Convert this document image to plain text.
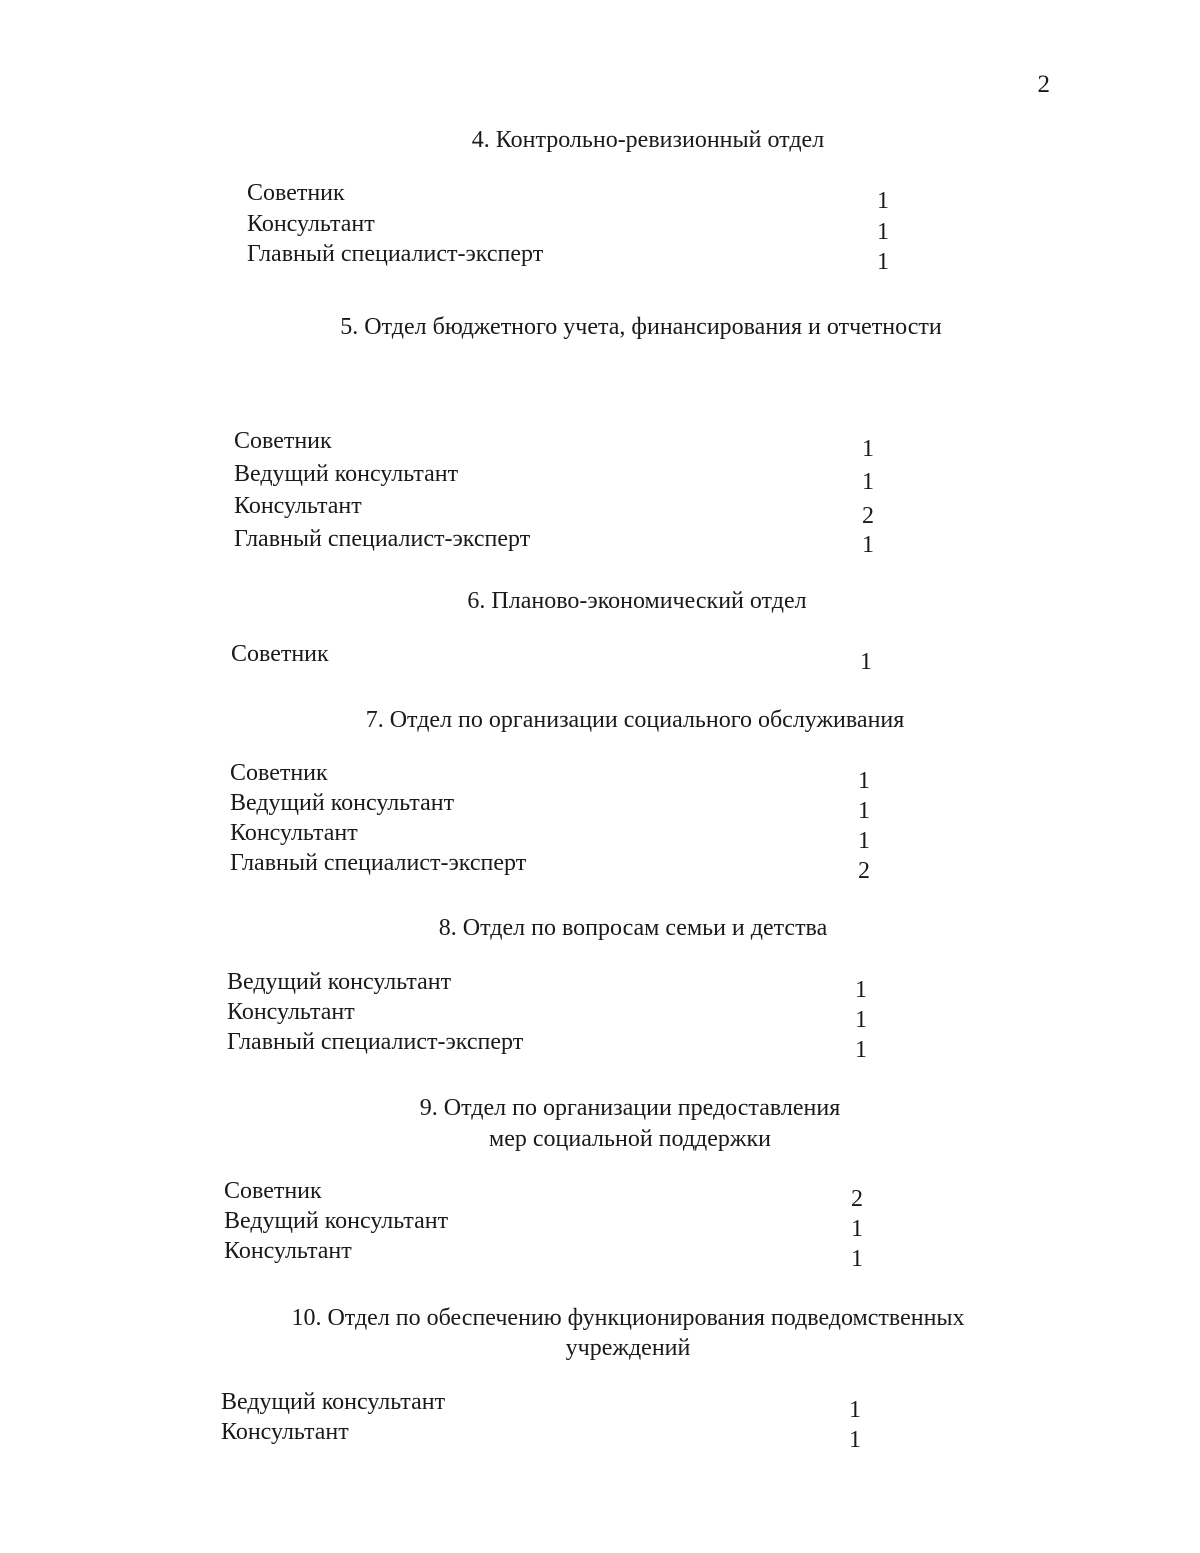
2
4. Контрольно-ревизионный отдел
Советник	1
Консультант	1
Главный специалист-эксперт	1
5. Отдел бюджетного учета, финансирования и отчетности
Советник	1
Ведущий консультант	1
Консультант	2
Главный специалист-эксперт	1
6. Планово-экономический отдел
Советник	1
7. Отдел по организации социального обслуживания
Советник	1
Ведущий консультант	1
Консультант	1
Главный специалист-эксперт	2
8. Отдел по вопросам семьи и детства
Ведущий консультант	1
Консультант	1
Главный специалист-эксперт	1
9. Отдел по организации предоставления
мер социальной поддержки
Советник	2
Ведущий консультант	1
Консультант	1
10. Отдел по обеспечению функционирования подведомственных
учреждений
Ведущий консультант	1
Консультант	1
